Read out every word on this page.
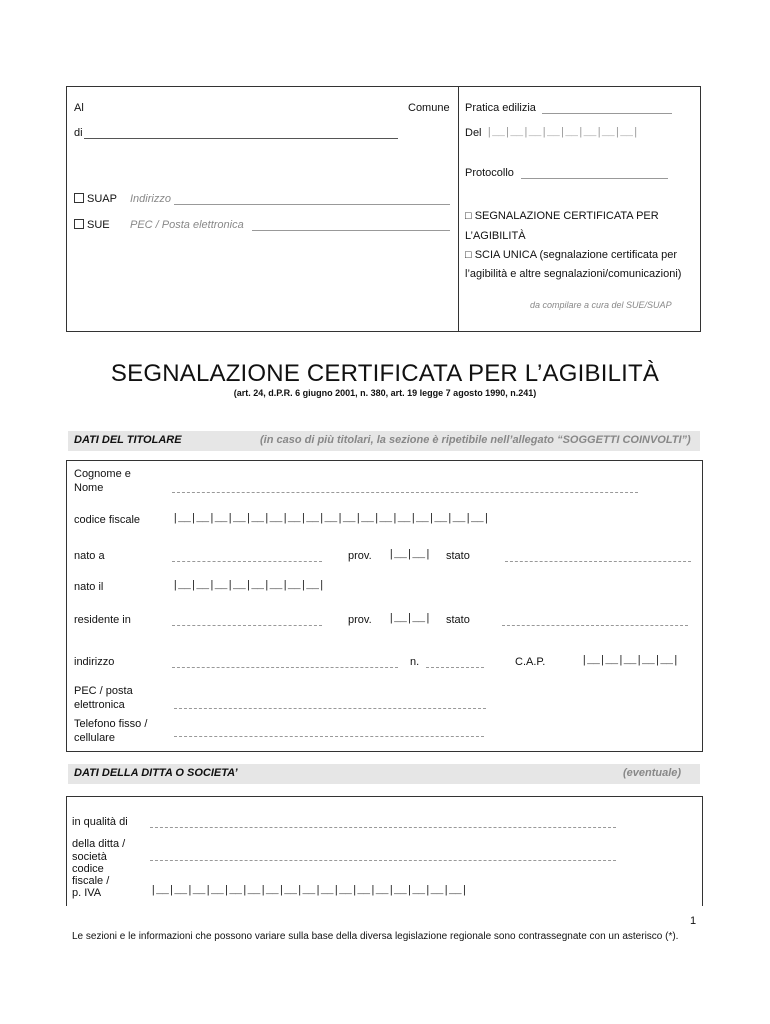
Al	Comune
di
SUAP Indirizzo
SUE PEC / Posta elettronica
Pratica edilizia
Del |__|__|__|__|__|__|__|__|
Protocollo
□ SEGNALAZIONE CERTIFICATA PER
L’AGIBILITÀ
□ SCIA UNICA (segnalazione certificata per
l’agibilità e altre segnalazioni/comunicazioni)
da compilare a cura del SUE/SUAP
SEGNALAZIONE CERTIFICATA PER L’AGIBILITÀ
(art. 24, d.P.R. 6 giugno 2001, n. 380, art. 19 legge 7 agosto 1990, n.241)
DATI DEL TITOLARE	(in caso di più titolari, la sezione è ripetibile nell’allegato “SOGGETTI COINVOLTI”)
Cognome e
Nome
codice fiscale	|__|__|__|__|__|__|__|__|__|__|__|__|__|__|__|__|__|
nato a	prov. |__|__| stato
nato il	|__|__|__|__|__|__|__|__|
residente in	prov. |__|__| stato
indirizzo	n.	C.A.P.	|__|__|__|__|__|
PEC / posta
elettronica
Telefono fisso /
cellulare
DATI DELLA DITTA O SOCIETA’	(eventuale)
in qualità di
della ditta /
società
codice
fiscale /
p. IVA	|__|__|__|__|__|__|__|__|__|__|__|__|__|__|__|__|__|
1
Le sezioni e le informazioni che possono variare sulla base della diversa legislazione regionale sono contrassegnate con un asterisco (*).
